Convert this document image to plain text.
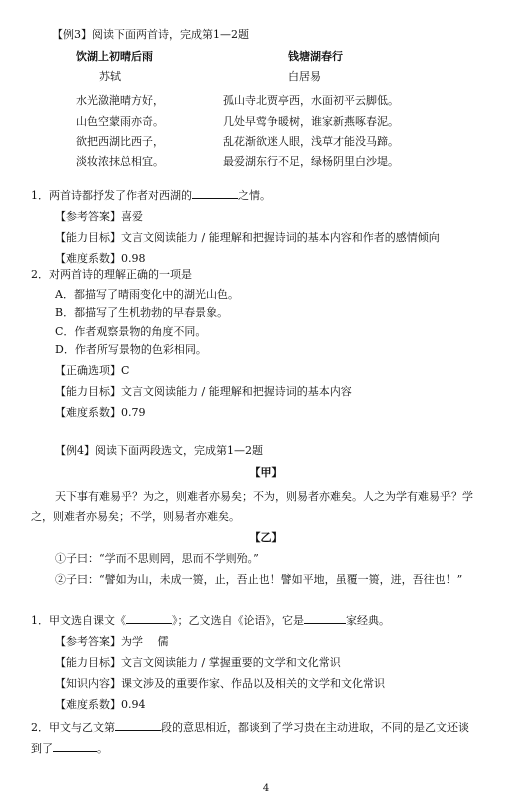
【例3】阅读下面两首诗，完成第1—2题
饮湖上初晴后雨	钱塘湖春行
苏轼	白居易
水光潋滟晴方好，	孤山寺北贾亭西，水面初平云脚低。
山色空蒙雨亦奇。	几处早莺争暖树，谁家新燕啄春泥。
欲把西湖比西子，	乱花渐欲迷人眼，浅草才能没马蹄。
淡妆浓抹总相宜。	最爱湖东行不足，绿杨阴里白沙堤。
1．两首诗都抒发了作者对西湖的	之情。
【参考答案】喜爱
【能力目标】文言文阅读能力 / 能理解和把握诗词的基本内容和作者的感情倾向
【难度系数】0.98
2．对两首诗的理解正确的一项是
A．都描写了晴雨变化中的湖光山色。
B．都描写了生机勃勃的早春景象。
C．作者观察景物的角度不同。
D．作者所写景物的色彩相同。
【正确选项】C
【能力目标】文言文阅读能力 / 能理解和把握诗词的基本内容
【难度系数】0.79
【例4】阅读下面两段选文，完成第1—2题
【甲】
天下事有难易乎？为之，则难者亦易矣；不为，则易者亦难矣。人之为学有难易乎？学
之，则难者亦易矣；不学，则易者亦难矣。
【乙】
①子曰：“学而不思则罔，思而不学则殆。”
②子曰：“譬如为山，未成一篑，止，吾止也！譬如平地，虽覆一篑，进，吾往也！”
1．甲文选自课文《	》；乙文选自《论语》，它是	家经典。
【参考答案】为学　 儒
【能力目标】文言文阅读能力 / 掌握重要的文学和文化常识
【知识内容】课文涉及的重要作家、作品以及相关的文学和文化常识
【难度系数】0.94
2．甲文与乙文第	段的意思相近，都谈到了学习贵在主动进取，不同的是乙文还谈
到了	。
4
